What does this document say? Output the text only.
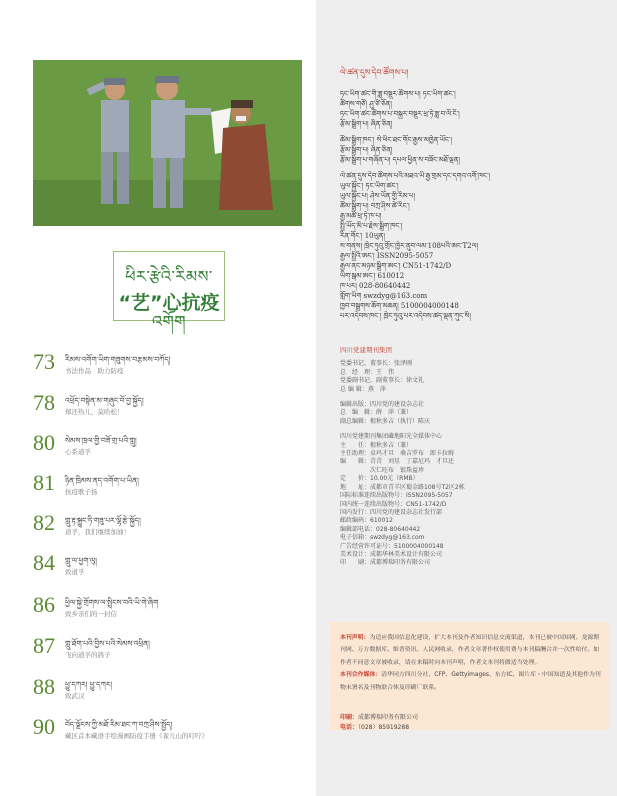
ཕིར་རྩེའི་རིམས་འགོག
“艺”心抗疫
73 རིམས་འགོག་ཡིག་གཟུགས་བརྩམས་བཀོད།
书法作品　助力防疫
78 འཕྲོད་བསྟེན་མ་གཞུང་བོ་བྱ་སྐྱོད།
郑还热儿，莫哈松！
80 སེམས་ཁྲལ་གྱི་བཟོ་གྲ་པའི་གླུ།
心系道孚
81 ཉིན་ཁྲིམས་ནད་འགོག་པ་ཡིན།
抗疫歌子扬
82 གླུ་རྟ་སྐྱུང་ཏི་གཟུ་པར་ལྷོ་རྩེ་སྐྱོད།
道孚，我们继续加油！
84 གླུ་ལ་ཕྱག་ལུ།
致道孚
86 ཕྱིལ་སྐྱེ་གྲོགས་ལ་སྤྲིངས་བའི་ཡི་གེ་ཞིག
致乡亲们的一封信
87 གླུ་ཐོག་པའི་བྱིས་པའི་སེམས་འཕྲིན།
飞向道孚的鸽子
88 ཕྱུ་དཀར། ཕྱུ་དཀར།
致武汉
90 བོད་ལྗོངས་ཀྱི་མཐོ་རིམ་ཐང་ཀ་བཀྲ་ཤིས་སྤྱོད།
藏区首本藏语手绘漫画防疫手册《雀儿山的叮咛》
ལེ་ཚན་དུས་དེབ་ཚོགས་པ།
ཏང་ཡིག་ཚང་གི་ཟླ་བསྡུར་ཚོགས་པ། ཏང་ཡིག་ཚང་།
ཚོགས་གཙོ། ཤུ་ཙི་ཅོན།
ཏང་ཡིག་ཚང་ཚོགས་པ་བསྐྱར་བསྡུར་ཕྲ་ཏེ་ཟླ་བ་ལོ་ངོ་།
རྩོམ་སྒྲིག་པ། ཞིན་ཅིན།
ཚོམ་སྒྲིག་ཁང་། སེ་ཕིང་ཐང་གོང་རྒྱས་མཁྱེན་ཡོང་།
རྩོམ་སྒྲིག་པ། ཞིན་ཅིན།
རྩོམ་སྒྲིག་པ་གཞོན་པ། དཔལ་ཕྱིན་ས་བཟོང་མཐོ་ལྡན།
ལེ་ཚན་དུས་དེབ་ཚོགས་པའི་མཐའ་ཡི་རྒྱ་གྲམ་དང་དགའ་འགོ་ཁང་།
ཡུལ་སྐྱོང་། ཏང་ཡིག་ཚང་།
ཡུལ་སྐྱོང་པ། ཤེས་ཡོན་གྱི་རིམ་པ།
ཚོམ་སྒྲིག་པ། བཀྲ་ཤིས་ཚེ་རིང་།
རྒྱ་མཚོ་ཕྲ་ཏེ་ཁ་པ།
སྤྱི་ཡོད་མི་པ་རྗེས་སྒྲིག་ཁང་།
རིན་གོང་། 10ཡུན།
ས་གནས། ཁྲེང་ཏུའུ་གྲོང་ཁྱེར་ནུབ་ལམ་108པའི་ཨང་T2ལ།
རྒྱལ་སྤྱིའི་ཨང་། ISSN2095-5057
རྒྱལ་ནང་མཉམ་སྒྲིག་ཨང་། CN51-1742/D
ཡིག་སྒམ་ཨང་། 610012
ཁ་པར། 028-80640442
གློག་ཡིག swzdyg@163.com
ཁྱབ་བསྒྲགས་ཆོག་མཆན། 5100004000148
པར་འདེབས་ཁང་། ཁྲེང་ཏུའུ་པར་འདེབས་ཚད་ལྡན་ཀུང་སི།
四川党建期刊集团
党委书记、董事长：张泽刚
总　经　理：王　伟
党委副书记、副董事长：徐文礼
总 编 辑：燕　萍
编辑出版：四川党的建设杂志社
总　编　辑：薛　萍（兼）
副总编辑：根秋多吉（执行）陈庆
四川党建期刊集团藏地阳光全媒体中心
主　　任：根秋多吉（兼）
主任助理：卓玛才旦　桑吉罗布　郎卡拉姆
编　　辑：青青　刘星　丁嘉尼玛　才旦还
　　　　　次仁旺布　银珠益珍
定　　价：10.00元（RMB）
地　　址：成都市青羊区蜀金路108号T2区2栋
国际标准连续出版物号：ISSN2095-5057
国内统一连续出版物号：CN51-1742/D
国内发行：四川党的建设杂志社发行部
邮政编码：610012
编辑部电话：028-80640442
电子信箱：swzdyg@163.com
广告经营许可证号：5100004000148
美术设计：成都华林美术设计有限公司
印　　刷：成都博瑞印务有限公司
本刊声明：为适应我国信息化建设，扩大本刊及作者知识信息交流渠道，本刊已被中国知网、龙源期刊网、万方数据库、维普资讯、人民网收录，作者文章著作权使用费与本刊稿酬合并一次性给付。如作者不同意文章被收录，请在来稿时向本刊声明，作者文本刊将做适当处理。
本刊合作媒体：清华同方四川分社、CFP、Gettyimages、东方IC、图片库・中国知道及其他作为刊物未署名及刊物联合体及印刷厂联系。
印刷：成都博瑞印务有限公司
电话：（028）85919288
